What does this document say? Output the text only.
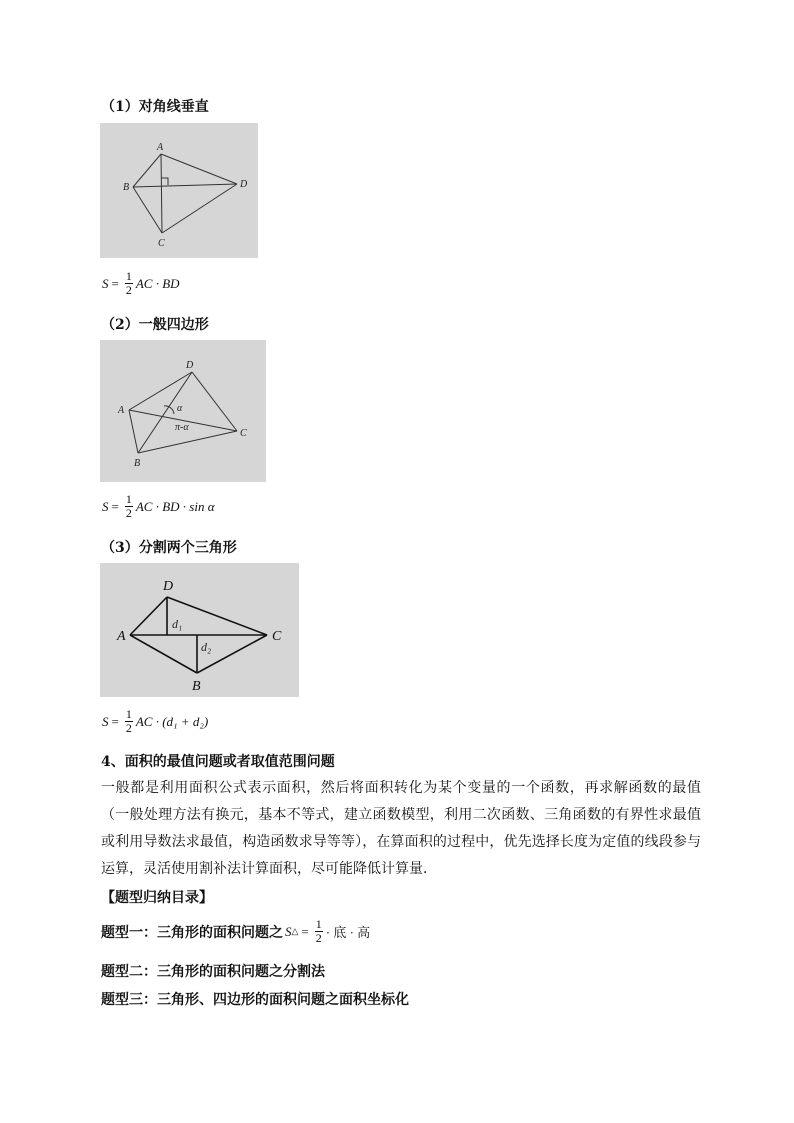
（1）对角线垂直
A
B
C
D
$S = \frac{1}{2}$ AC · BD
（2）一般四边形
D
A
C
B
α
π-α
$S = \frac{1}{2}$ AC · BD · sin α
（3）分割两个三角形
D
A	C
B
d₁
d₂
$S = \frac{1}{2}$ AC · (d₁ + d₂)
4、面积的最值问题或者取值范围问题
一般都是利用面积公式表示面积，然后将面积转化为某个变量的一个函数，再求解函数的最值（一般处理方法有换元，基本不等式，建立函数模型，利用二次函数、三角函数的有界性求最值或利用导数法求最值，构造函数求导等等），在算面积的过程中，优先选择长度为定值的线段参与运算，灵活使用割补法计算面积，尽可能降低计算量．
【题型归纳目录】
题型一：三角形的面积问题之 S △ = $\frac{1}{2}$ · 底 · 高
题型二：三角形的面积问题之分割法
题型三：三角形、四边形的面积问题之面积坐标化
